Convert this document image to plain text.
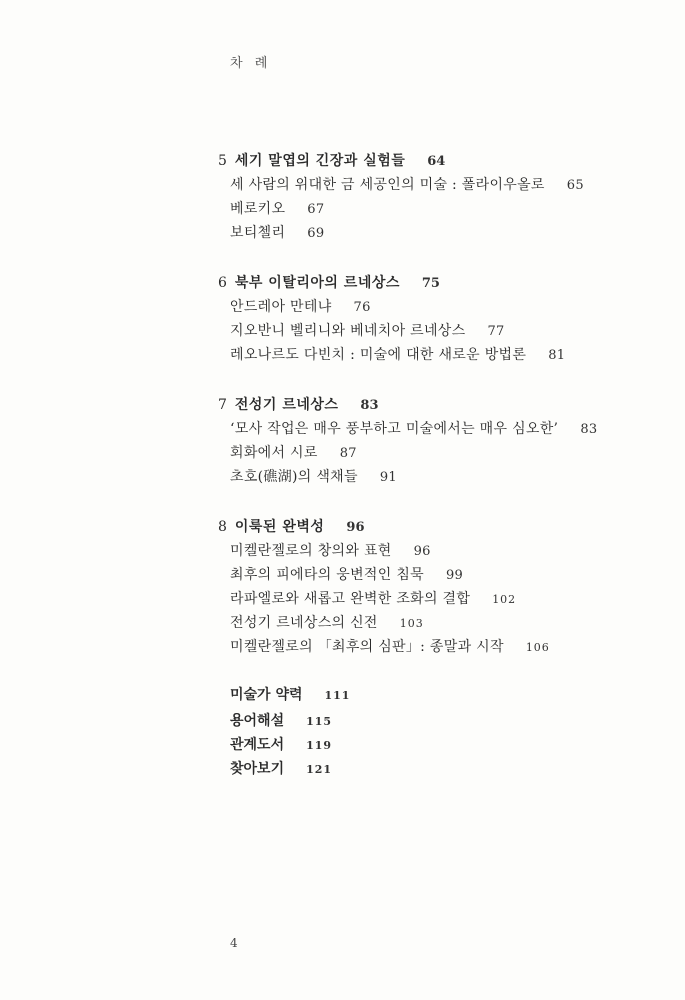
차 례
5 세기 말엽의 긴장과 실험들 64
세 사람의 위대한 금 세공인의 미술 : 폴라이우올로 65
베로키오 67
보티첼리 69
6 북부 이탈리아의 르네상스 75
안드레아 만테냐 76
지오반니 벨리니와 베네치아 르네상스 77
레오나르도 다빈치 : 미술에 대한 새로운 방법론 81
7 전성기 르네상스 83
‘모사 작업은 매우 풍부하고 미술에서는 매우 심오한’ 83
회화에서 시로 87
초호(礁湖)의 색채들 91
8 이룩된 완벽성 96
미켈란젤로의 창의와 표현 96
최후의 피에타의 웅변적인 침묵 99
라파엘로와 새롭고 완벽한 조화의 결합 102
전성기 르네상스의 신전 103
미켈란젤로의 「최후의 심판」: 종말과 시작 106
미술가 약력 111
용어해설 115
관계도서 119
찾아보기 121
4
